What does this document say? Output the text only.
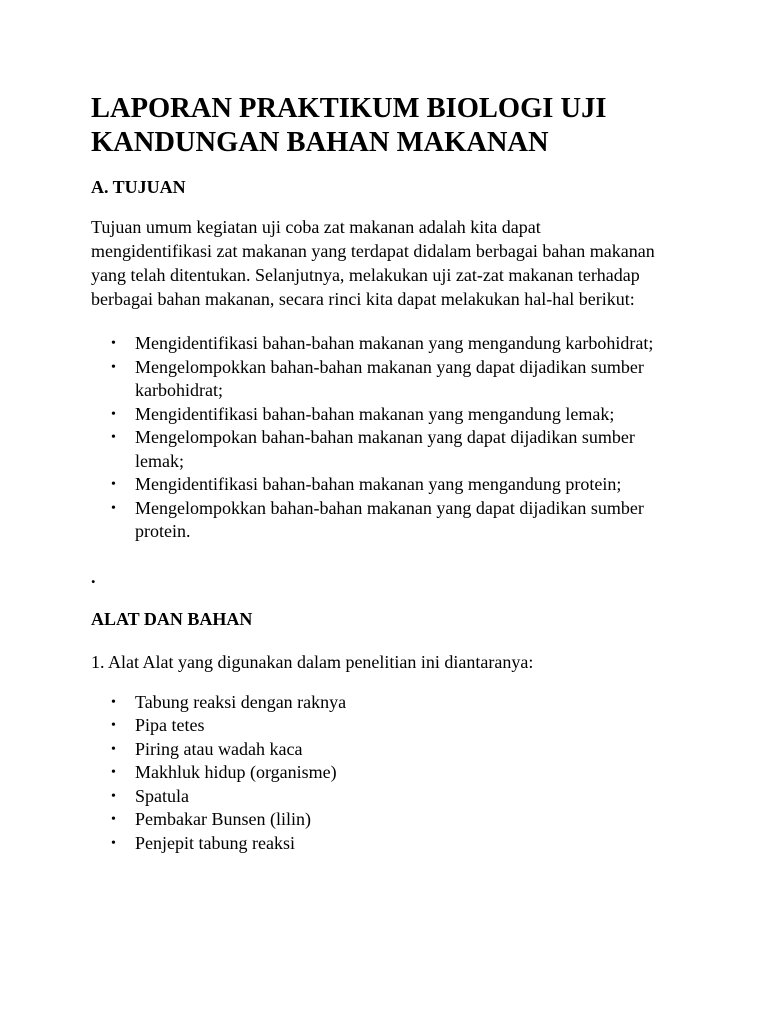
LAPORAN PRAKTIKUM BIOLOGI UJI KANDUNGAN BAHAN MAKANAN
A. TUJUAN

Tujuan umum kegiatan uji coba zat makanan adalah kita dapat mengidentifikasi zat makanan yang terdapat didalam berbagai bahan makanan yang telah ditentukan. Selanjutnya, melakukan uji zat-zat makanan terhadap berbagai bahan makanan, secara rinci kita dapat melakukan hal-hal berikut:

• Mengidentifikasi bahan-bahan makanan yang mengandung karbohidrat;
• Mengelompokkan bahan-bahan makanan yang dapat dijadikan sumber karbohidrat;
• Mengidentifikasi bahan-bahan makanan yang mengandung lemak;
• Mengelompokan bahan-bahan makanan yang dapat dijadikan sumber lemak;
• Mengidentifikasi bahan-bahan makanan yang mengandung protein;
• Mengelompokkan bahan-bahan makanan yang dapat dijadikan sumber protein.
.
ALAT DAN BAHAN

1. Alat Alat yang digunakan dalam penelitian ini diantaranya:

• Tabung reaksi dengan raknya
• Pipa tetes
• Piring atau wadah kaca
• Makhluk hidup (organisme)
• Spatula
• Pembakar Bunsen (lilin)
• Penjepit tabung reaksi
